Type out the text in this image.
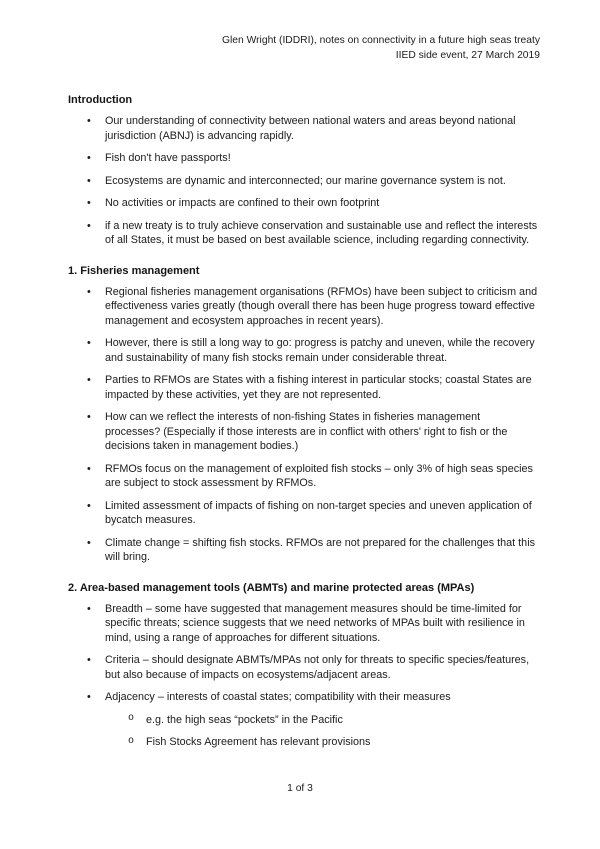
Glen Wright (IDDRI), notes on connectivity in a future high seas treaty
IIED side event, 27 March 2019
Introduction
• Our understanding of connectivity between national waters and areas beyond national jurisdiction (ABNJ) is advancing rapidly.
• Fish don't have passports!
• Ecosystems are dynamic and interconnected; our marine governance system is not.
• No activities or impacts are confined to their own footprint
• if a new treaty is to truly achieve conservation and sustainable use and reflect the interests of all States, it must be based on best available science, including regarding connectivity.
1. Fisheries management
• Regional fisheries management organisations (RFMOs) have been subject to criticism and effectiveness varies greatly (though overall there has been huge progress toward effective management and ecosystem approaches in recent years).
• However, there is still a long way to go: progress is patchy and uneven, while the recovery and sustainability of many fish stocks remain under considerable threat.
• Parties to RFMOs are States with a fishing interest in particular stocks; coastal States are impacted by these activities, yet they are not represented.
• How can we reflect the interests of non-fishing States in fisheries management processes? (Especially if those interests are in conflict with others' right to fish or the decisions taken in management bodies.)
• RFMOs focus on the management of exploited fish stocks – only 3% of high seas species are subject to stock assessment by RFMOs.
• Limited assessment of impacts of fishing on non-target species and uneven application of bycatch measures.
• Climate change = shifting fish stocks. RFMOs are not prepared for the challenges that this will bring.
2. Area-based management tools (ABMTs) and marine protected areas (MPAs)
• Breadth – some have suggested that management measures should be time-limited for specific threats; science suggests that we need networks of MPAs built with resilience in mind, using a range of approaches for different situations.
• Criteria – should designate ABMTs/MPAs not only for threats to specific species/features, but also because of impacts on ecosystems/adjacent areas.
• Adjacency – interests of coastal states; compatibility with their measures
o e.g. the high seas “pockets” in the Pacific
o Fish Stocks Agreement has relevant provisions
1 of 3
